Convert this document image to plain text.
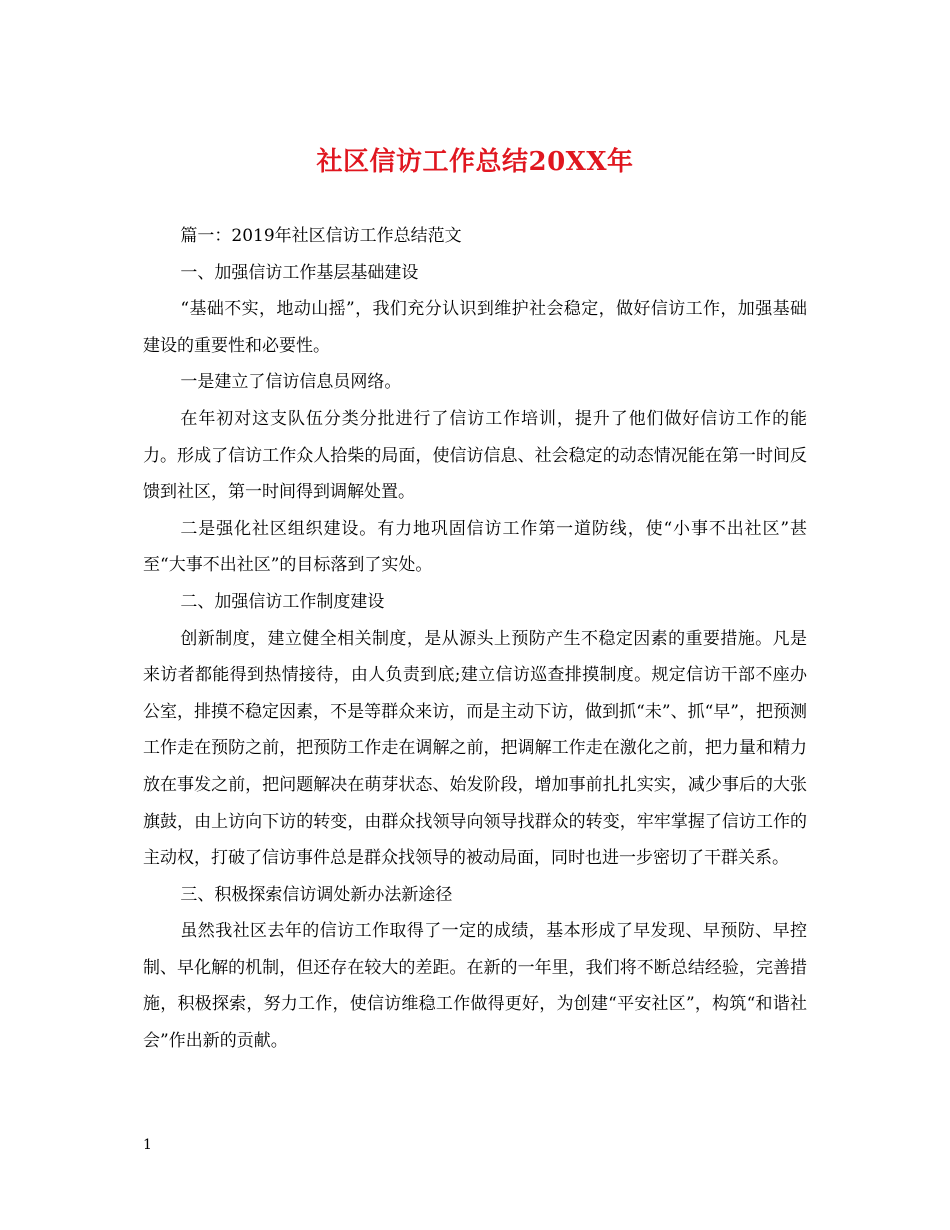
社区信访工作总结20XX年

篇一：2019年社区信访工作总结范文

一、加强信访工作基层基础建设

“基础不实，地动山摇”，我们充分认识到维护社会稳定，做好信访工作，加强基础建设的重要性和必要性。

一是建立了信访信息员网络。

在年初对这支队伍分类分批进行了信访工作培训，提升了他们做好信访工作的能力。形成了信访工作众人拾柴的局面，使信访信息、社会稳定的动态情况能在第一时间反馈到社区，第一时间得到调解处置。

二是强化社区组织建设。有力地巩固信访工作第一道防线，使“小事不出社区”甚至“大事不出社区”的目标落到了实处。

二、加强信访工作制度建设

创新制度，建立健全相关制度，是从源头上预防产生不稳定因素的重要措施。凡是来访者都能得到热情接待，由人负责到底;建立信访巡查排摸制度。规定信访干部不座办公室，排摸不稳定因素，不是等群众来访，而是主动下访，做到抓“未”、抓“早”，把预测工作走在预防之前，把预防工作走在调解之前，把调解工作走在激化之前，把力量和精力放在事发之前，把问题解决在萌芽状态、始发阶段，增加事前扎扎实实，减少事后的大张旗鼓，由上访向下访的转变，由群众找领导向领导找群众的转变，牢牢掌握了信访工作的主动权，打破了信访事件总是群众找领导的被动局面，同时也进一步密切了干群关系。

三、积极探索信访调处新办法新途径

虽然我社区去年的信访工作取得了一定的成绩，基本形成了早发现、早预防、早控制、早化解的机制，但还存在较大的差距。在新的一年里，我们将不断总结经验，完善措施，积极探索，努力工作，使信访维稳工作做得更好，为创建“平安社区”，构筑“和谐社会”作出新的贡献。

1
